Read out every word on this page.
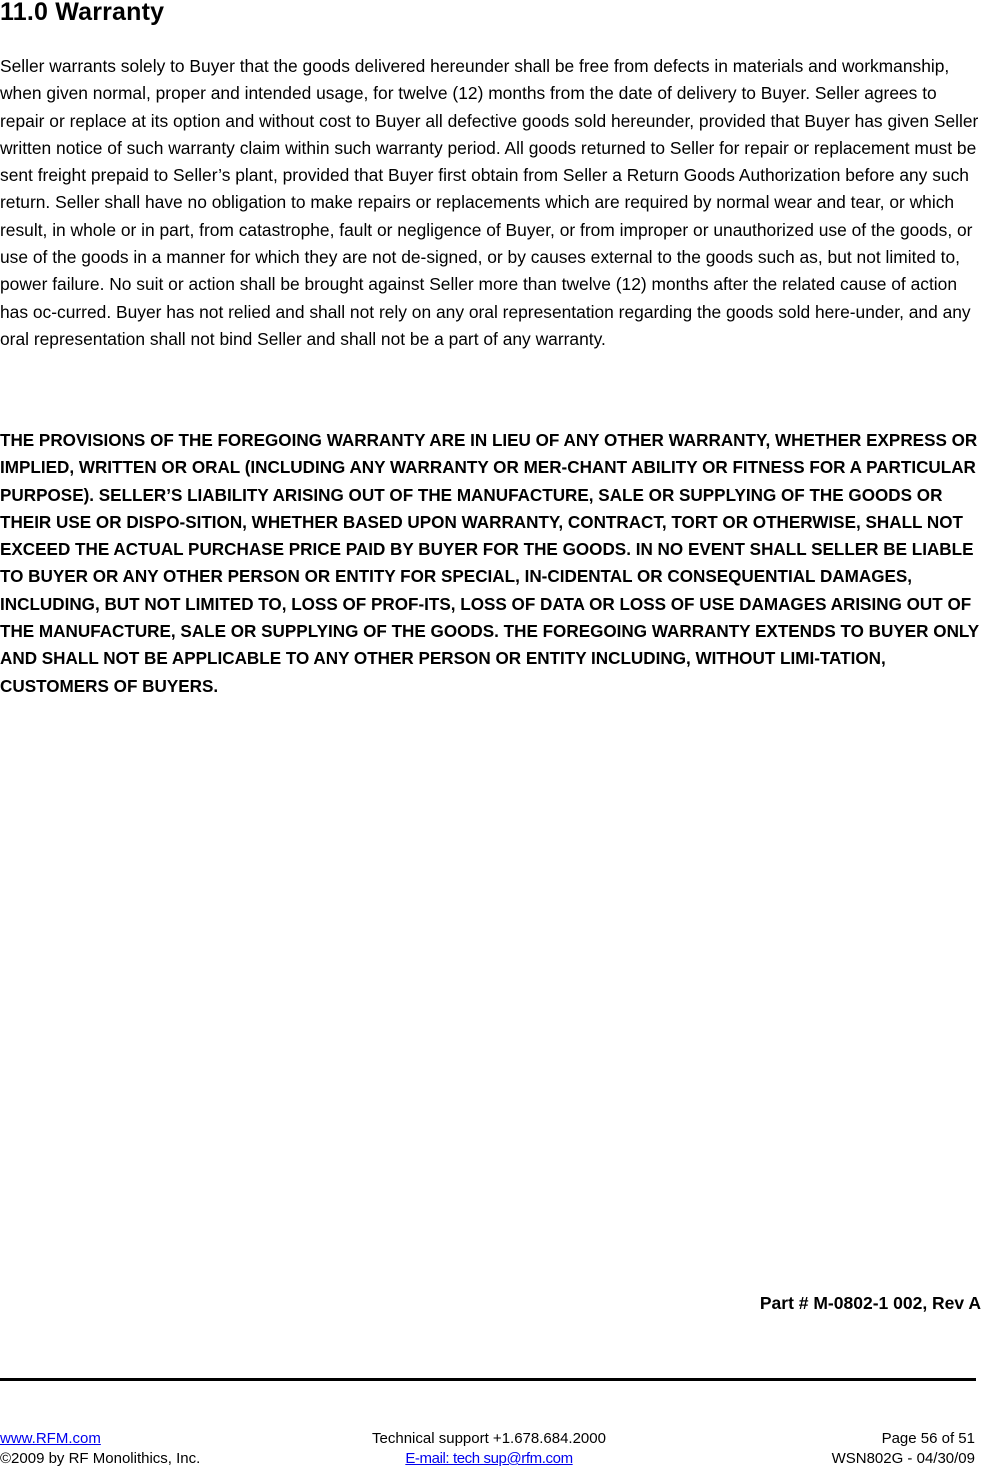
11.0 Warranty

Seller warrants solely to Buyer that the goods delivered hereunder shall be free from defects in materials and workmanship, when given normal, proper and intended usage, for twelve (12) months from the date of delivery to Buyer. Seller agrees to repair or replace at its option and without cost to Buyer all defective goods sold hereunder, provided that Buyer has given Seller written notice of such warranty claim within such warranty period. All goods returned to Seller for repair or replacement must be sent freight prepaid to Seller’s plant, provided that Buyer first obtain from Seller a Return Goods Authorization before any such return. Seller shall have no obligation to make repairs or replacements which are required by normal wear and tear, or which result, in whole or in part, from catastrophe, fault or negligence of Buyer, or from improper or unauthorized use of the goods, or use of the goods in a manner for which they are not de-signed, or by causes external to the goods such as, but not limited to, power failure. No suit or action shall be brought against Seller more than twelve (12) months after the related cause of action has oc-curred. Buyer has not relied and shall not rely on any oral representation regarding the goods sold here-under, and any oral representation shall not bind Seller and shall not be a part of any warranty.

THE PROVISIONS OF THE FOREGOING WARRANTY ARE IN LIEU OF ANY OTHER WARRANTY, WHETHER EXPRESS OR IMPLIED, WRITTEN OR ORAL (INCLUDING ANY WARRANTY OR MER-CHANT ABILITY OR FITNESS FOR A PARTICULAR PURPOSE). SELLER’S LIABILITY ARISING OUT OF THE MANUFACTURE, SALE OR SUPPLYING OF THE GOODS OR THEIR USE OR DISPO-SITION, WHETHER BASED UPON WARRANTY, CONTRACT, TORT OR OTHERWISE, SHALL NOT EXCEED THE ACTUAL PURCHASE PRICE PAID BY BUYER FOR THE GOODS. IN NO EVENT SHALL SELLER BE LIABLE TO BUYER OR ANY OTHER PERSON OR ENTITY FOR SPECIAL, IN-CIDENTAL OR CONSEQUENTIAL DAMAGES, INCLUDING, BUT NOT LIMITED TO, LOSS OF PROF-ITS, LOSS OF DATA OR LOSS OF USE DAMAGES ARISING OUT OF THE MANUFACTURE, SALE OR SUPPLYING OF THE GOODS. THE FOREGOING WARRANTY EXTENDS TO BUYER ONLY AND SHALL NOT BE APPLICABLE TO ANY OTHER PERSON OR ENTITY INCLUDING, WITHOUT LIMI-TATION, CUSTOMERS OF BUYERS.

Part # M-0802-1 002, Rev A
www.RFM.com
©2009 by RF Monolithics, Inc.
Technical support +1.678.684.2000
E-mail: tech sup@rfm.com
Page 56 of 51
WSN802G - 04/30/09
